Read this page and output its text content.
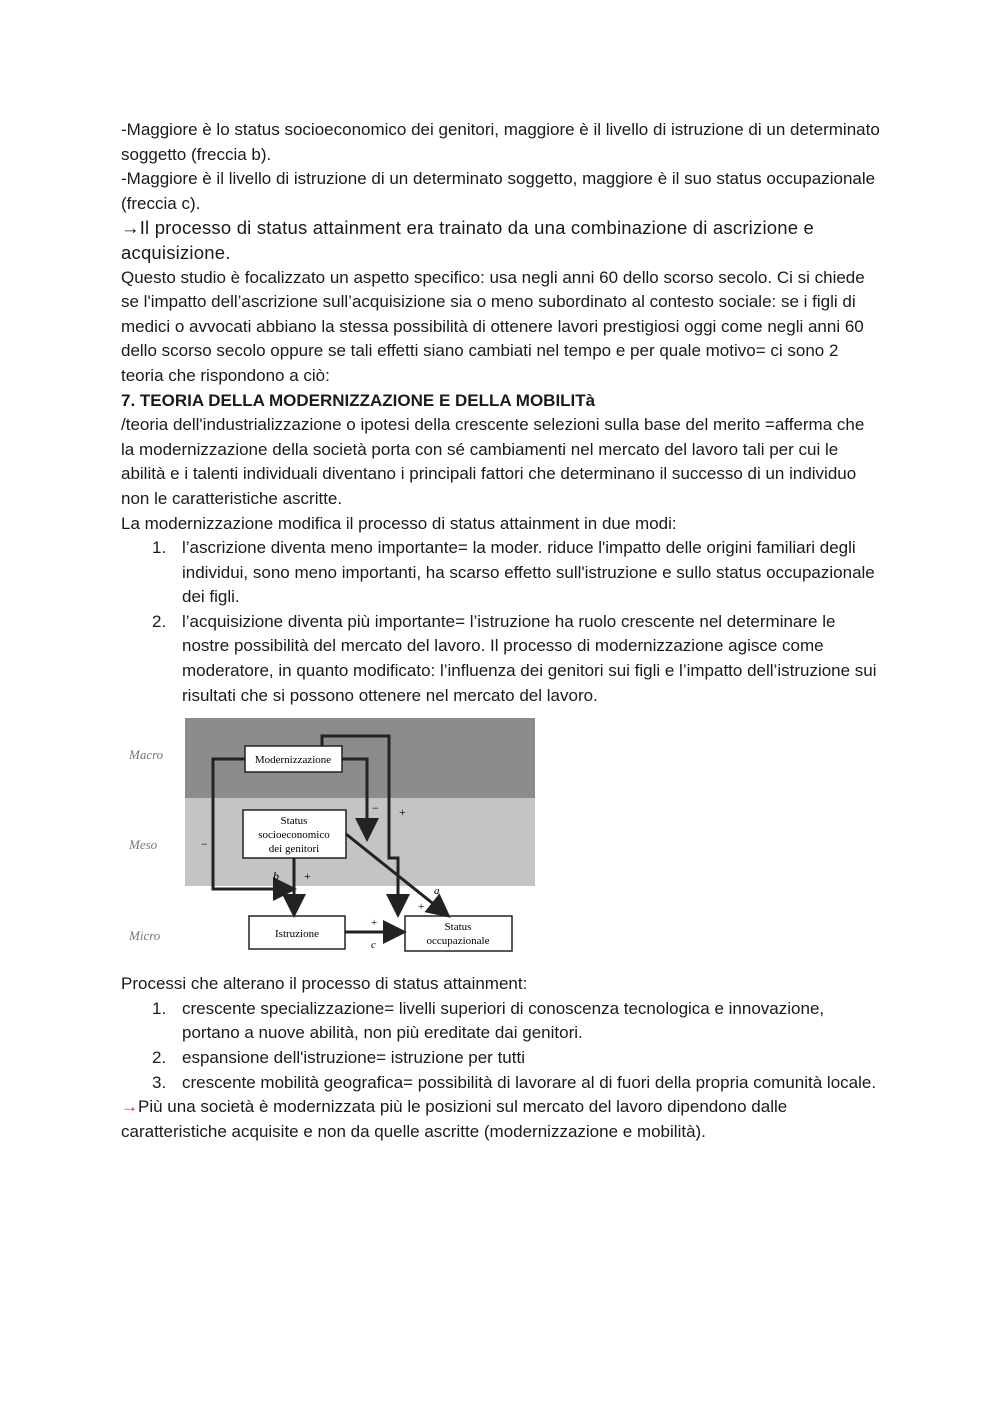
-Maggiore è lo status socioeconomico dei genitori, maggiore è il livello di istruzione di un determinato soggetto (freccia b).

-Maggiore è il livello di istruzione di un determinato soggetto, maggiore è il suo status occupazionale (freccia c).

→Il processo di status attainment era trainato da una combinazione di ascrizione e acquisizione.

Questo studio è focalizzato un aspetto specifico: usa negli anni 60 dello scorso secolo. Ci si chiede se l'impatto dell’ascrizione sull’acquisizione sia o meno subordinato al contesto sociale: se i figli di medici o avvocati abbiano la stessa possibilità di ottenere lavori prestigiosi oggi come negli anni 60 dello scorso secolo oppure se tali effetti siano cambiati nel tempo e per quale motivo= ci sono 2 teoria che rispondono a ciò:

7. TEORIA DELLA MODERNIZZAZIONE E DELLA MOBILITà

/teoria dell'industrializzazione o ipotesi della crescente selezioni sulla base del merito =afferma che la modernizzazione della società porta con sé cambiamenti nel mercato del lavoro tali per cui le abilità e i talenti individuali diventano i principali fattori che determinano il successo di un individuo non le caratteristiche ascritte.

La modernizzazione modifica il processo di status attainment in due modi:

1. l’ascrizione diventa meno importante= la moder. riduce l'impatto delle origini familiari degli individui, sono meno importanti, ha scarso effetto sull'istruzione e sullo status occupazionale dei figli.
2. l’acquisizione diventa più importante= l’istruzione ha ruolo crescente nel determinare le nostre possibilità del mercato del lavoro. Il processo di modernizzazione agisce come moderatore, in quanto modificato: l’influenza dei genitori sui figli e l’impatto dell’istruzione sui risultati che si possono ottenere nel mercato del lavoro.
Macro
Meso
Micro
Modernizzazione
Status
socioeconomico
dei genitori
Istruzione
Status
occupazionale
−
− +
b +
a
+
+
c

Processi che alterano il processo di status attainment:

1. crescente specializzazione= livelli superiori di conoscenza tecnologica e innovazione, portano a nuove abilità, non più ereditate dai genitori.
2. espansione dell'istruzione= istruzione per tutti
3. crescente mobilità geografica= possibilità di lavorare al di fuori della propria comunità locale.

→Più una società è modernizzata più le posizioni sul mercato del lavoro dipendono dalle caratteristiche acquisite e non da quelle ascritte (modernizzazione e mobilità).
